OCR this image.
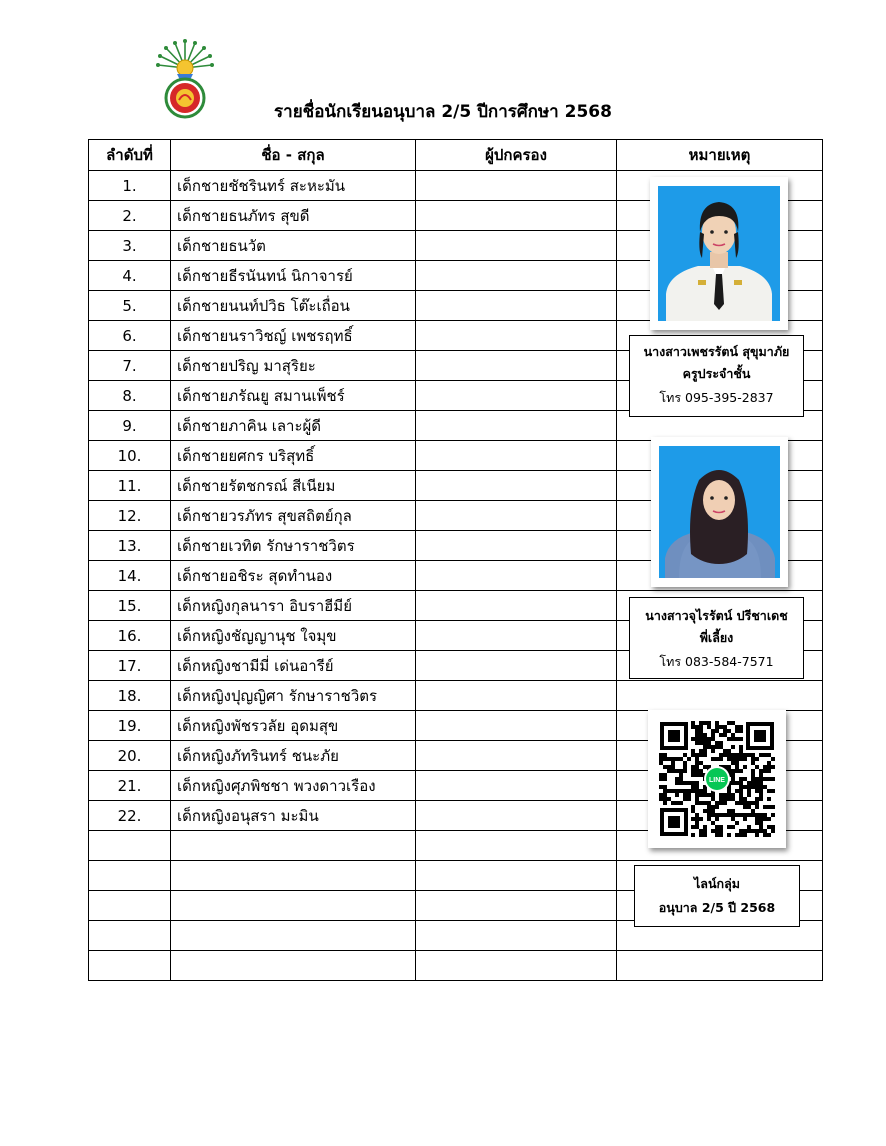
รายชื่อนักเรียนอนุบาล 2/5 ปีการศึกษา 2568
ลำดับที่	ชื่อ - สกุล	ผู้ปกครอง	หมายเหตุ
1.	เด็กชายชัชรินทร์ สะหะมัน		
2.	เด็กชายธนภัทร สุขดี		
3.	เด็กชายธนวัต		
4.	เด็กชายธีรนันทน์ นิกาจารย์		
5.	เด็กชายนนท์ปวิธ โต๊ะเถื่อน		
6.	เด็กชายนราวิชญ์ เพชรฤทธิ์		
7.	เด็กชายปริญ มาสุริยะ		
8.	เด็กชายภรัณยู สมานเพ็ชร์		
9.	เด็กชายภาคิน เลาะผู้ดี		
10.	เด็กชายยศกร บริสุทธิ์		
11.	เด็กชายรัตชกรณ์ สีเนียม		
12.	เด็กชายวรภัทร สุขสถิตย์กุล		
13.	เด็กชายเวทิต รักษาราชวิตร		
14.	เด็กชายอชิระ สุดทำนอง		
15.	เด็กหญิงกุลนารา อิบราฮีมีย์		
16.	เด็กหญิงชัญญานุช ใจมุข		
17.	เด็กหญิงชามีมี่ เด่นอารีย์		
18.	เด็กหญิงปุญญิศา รักษาราชวิตร		
19.	เด็กหญิงพัชรวลัย อุดมสุข		
20.	เด็กหญิงภัทรินทร์ ชนะภัย		
21.	เด็กหญิงศุภพิชชา พวงดาวเรือง		
22.	เด็กหญิงอนุสรา มะมิน		

นางสาวเพชรรัตน์ สุขุมาภัย
ครูประจำชั้น
โทร 095-395-2837
นางสาวจุไรรัตน์ ปรีชาเดช
พี่เลี้ยง
โทร 083-584-7571
LINE
ไลน์กลุ่ม
อนุบาล 2/5 ปี 2568
